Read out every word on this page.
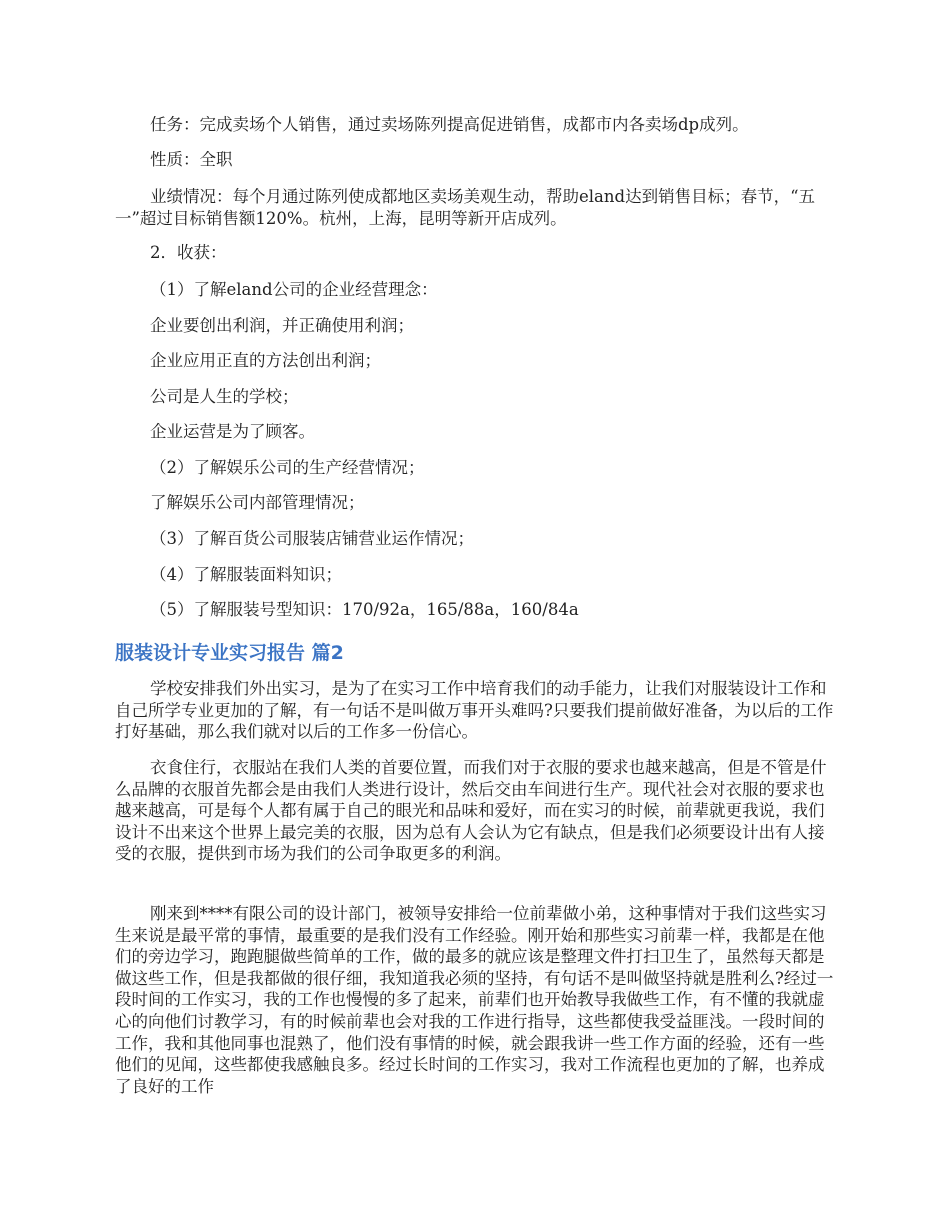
任务：完成卖场个人销售，通过卖场陈列提高促进销售，成都市内各卖场dp成列。
性质：全职
业绩情况：每个月通过陈列使成都地区卖场美观生动，帮助eland达到销售目标；春节，“五一”超过目标销售额120%。杭州，上海，昆明等新开店成列。
2．收获：
（1）了解eland公司的企业经营理念：
企业要创出利润，并正确使用利润；
企业应用正直的方法创出利润；
公司是人生的学校；
企业运营是为了顾客。
（2）了解娱乐公司的生产经营情况；
了解娱乐公司内部管理情况；
（3）了解百货公司服装店铺营业运作情况；
（4）了解服装面料知识；
（5）了解服装号型知识：170/92a，165/88a，160/84a
服装设计专业实习报告 篇2
学校安排我们外出实习，是为了在实习工作中培育我们的动手能力，让我们对服装设计工作和自己所学专业更加的了解，有一句话不是叫做万事开头难吗?只要我们提前做好准备，为以后的工作打好基础，那么我们就对以后的工作多一份信心。
衣食住行，衣服站在我们人类的首要位置，而我们对于衣服的要求也越来越高，但是不管是什么品牌的衣服首先都会是由我们人类进行设计，然后交由车间进行生产。现代社会对衣服的要求也越来越高，可是每个人都有属于自己的眼光和品味和爱好，而在实习的时候，前辈就更我说，我们设计不出来这个世界上最完美的衣服，因为总有人会认为它有缺点，但是我们必须要设计出有人接受的衣服，提供到市场为我们的公司争取更多的利润。
刚来到****有限公司的设计部门，被领导安排给一位前辈做小弟，这种事情对于我们这些实习生来说是最平常的事情，最重要的是我们没有工作经验。刚开始和那些实习前辈一样，我都是在他们的旁边学习，跑跑腿做些简单的工作，做的最多的就应该是整理文件打扫卫生了，虽然每天都是做这些工作，但是我都做的很仔细，我知道我必须的坚持，有句话不是叫做坚持就是胜利么?经过一段时间的工作实习，我的工作也慢慢的多了起来，前辈们也开始教导我做些工作，有不懂的我就虚心的向他们讨教学习，有的时候前辈也会对我的工作进行指导，这些都使我受益匪浅。一段时间的工作，我和其他同事也混熟了，他们没有事情的时候，就会跟我讲一些工作方面的经验，还有一些他们的见闻，这些都使我感触良多。经过长时间的工作实习，我对工作流程也更加的了解，也养成了良好的工作
